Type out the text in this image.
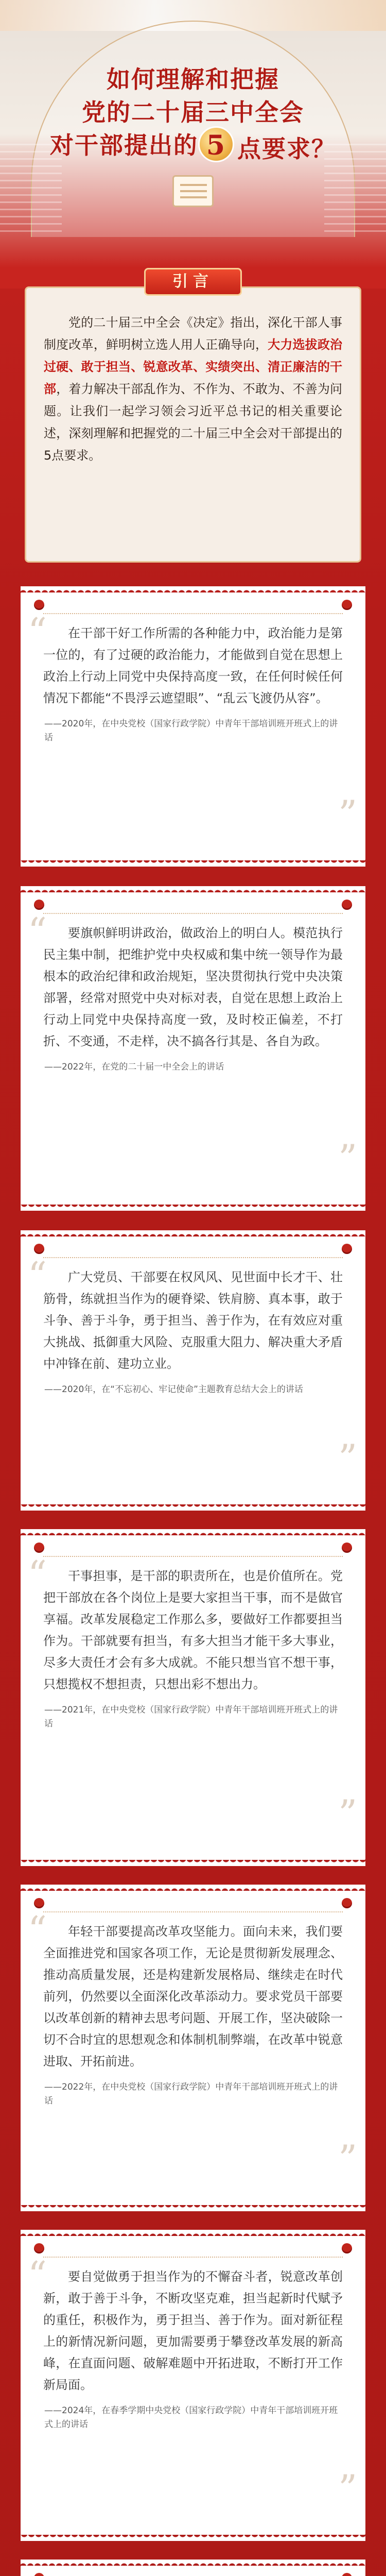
如何理解和把握
党的二十届三中全会
对干部提出的 5 点要求？

党的二十届三中全会《决定》指出，深化干部人事制度改革，鲜明树立选人用人正确导向，大力选拔政治过硬、敢于担当、锐意改革、实绩突出、清正廉洁的干部，着力解决干部乱作为、不作为、不敢为、不善为问题。让我们一起学习领会习近平总书记的相关重要论述，深刻理解和把握党的二十届三中全会对干部提出的5点要求。

引言
“	在干部干好工作所需的各种能力中，政治能力是第一位的，有了过硬的政治能力，才能做到自觉在思想上政治上行动上同党中央保持高度一致，在任何时候任何情况下都能“不畏浮云遮望眼”、“乱云飞渡仍从容”。

——2020年，在中央党校（国家行政学院）中青年干部培训班开班式上的讲话

”
“	要旗帜鲜明讲政治，做政治上的明白人。模范执行民主集中制，把维护党中央权威和集中统一领导作为最根本的政治纪律和政治规矩，坚决贯彻执行党中央决策部署，经常对照党中央对标对表，自觉在思想上政治上行动上同党中央保持高度一致，及时校正偏差，不打折、不变通，不走样，决不搞各行其是、各自为政。

——2022年，在党的二十届一中全会上的讲话

”
“	广大党员、干部要在权风风、见世面中长才干、壮筋骨，练就担当作为的硬脊梁、铁肩膀、真本事，敢于斗争、善于斗争，勇于担当、善于作为，在有效应对重大挑战、抵御重大风险、克服重大阻力、解决重大矛盾中冲锋在前、建功立业。

——2020年，在“不忘初心、牢记使命”主题教育总结大会上的讲话

”
“	干事担事，是干部的职责所在，也是价值所在。党把干部放在各个岗位上是要大家担当干事，而不是做官享福。改革发展稳定工作那么多，要做好工作都要担当作为。干部就要有担当，有多大担当才能干多大事业，尽多大责任才会有多大成就。不能只想当官不想干事，只想揽权不想担责，只想出彩不想出力。

——2021年，在中央党校（国家行政学院）中青年干部培训班开班式上的讲话

”
“	年轻干部要提高改革攻坚能力。面向未来，我们要全面推进党和国家各项工作，无论是贯彻新发展理念、推动高质量发展，还是构建新发展格局、继续走在时代前列，仍然要以全面深化改革添动力。要求党员干部要以改革创新的精神去思考问题、开展工作，坚决破除一切不合时宜的思想观念和体制机制弊端，在改革中锐意进取、开拓前进。

——2022年，在中央党校（国家行政学院）中青年干部培训班开班式上的讲话

”
“	要自觉做勇于担当作为的不懈奋斗者，锐意改革创新，敢于善于斗争，不断攻坚克难，担当起新时代赋予的重任，积极作为，勇于担当、善于作为。面对新征程上的新情况新问题，更加需要勇于攀登改革发展的新高峰，在直面问题、破解难题中开拓进取，不断打开工作新局面。

——2024年，在春季学期中央党校（国家行政学院）中青年干部培训班开班式上的讲话

”
